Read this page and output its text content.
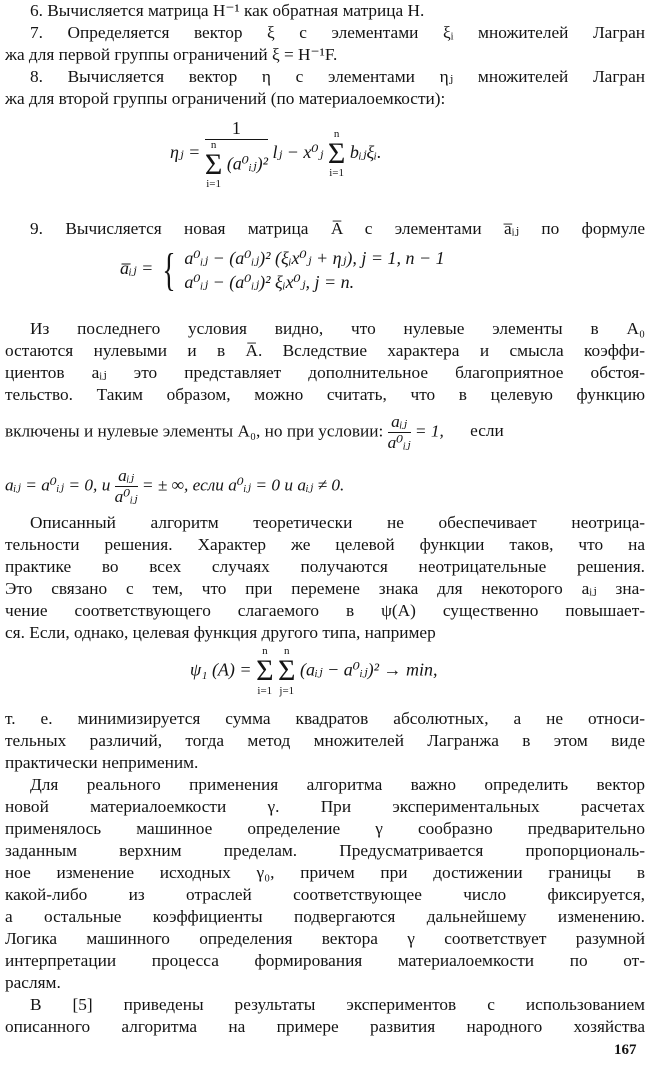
6. Вычисляется матрица H⁻¹ как обратная матрица H.
7. Определяется вектор ξ с элементами ξᵢ множителей Лагран
жа для первой группы ограничений ξ = H⁻¹F.
8. Вычисляется вектор η с элементами ηⱼ множителей Лагран
жа для второй группы ограничений (по материалоемкости):
ηⱼ = 1
n
Σ
i=1
(a⁰ᵢⱼ)² lⱼ − x⁰ⱼ
n
Σ
i=1
bᵢⱼξᵢ.
9. Вычисляется новая матрица A̅ с элементами a̅ᵢⱼ по формуле
a̅ᵢⱼ = { a⁰ᵢⱼ − (a⁰ᵢⱼ)² (ξᵢx⁰ⱼ + ηⱼ), j = 1, n − 1
a⁰ᵢⱼ − (a⁰ᵢⱼ)² ξᵢx⁰ⱼ, j = n.
Из последнего условия видно, что нулевые элементы в A₀
остаются нулевыми и в A̅. Вследствие характера и смысла коэффи-
циентов aᵢⱼ это представляет дополнительное благоприятное обстоя-
тельство. Таким образом, можно считать, что в целевую функцию
включены и нулевые элементы A₀, но при условии: $\frac{\text{aᵢⱼ}}{\text{a⁰ᵢⱼ}} = 1$, если
aᵢⱼ = a⁰ᵢⱼ = 0, и $\frac{\text{aᵢⱼ}}{\text{a⁰ᵢⱼ}}$ = ± ∞, если a⁰ᵢⱼ = 0 и aᵢⱼ ≠ 0.
Описанный алгоритм теоретически не обеспечивает неотрица-
тельности решения. Характер же целевой функции таков, что на
практике во всех случаях получаются неотрицательные решения.
Это связано с тем, что при перемене знака для некоторого aᵢⱼ зна-
чение соответствующего слагаемого в ψ(A) существенно повышает-
ся. Если, однако, целевая функция другого типа, например
ψ₁ (A) =
n
Σ
i=1

n
Σ
j=1
(aᵢⱼ − a⁰ᵢⱼ)² → min,
т. е. минимизируется сумма квадратов абсолютных, а не относи-
тельных различий, тогда метод множителей Лагранжа в этом виде
практически неприменим.
Для реального применения алгоритма важно определить вектор
новой материалоемкости γ. При экспериментальных расчетах
применялось машинное определение γ сообразно предварительно
заданным верхним пределам. Предусматривается пропорциональ-
ное изменение исходных γ₀, причем при достижении границы в
какой-либо из отраслей соответствующее число фиксируется,
а остальные коэффициенты подвергаются дальнейшему изменению.
Логика машинного определения вектора γ соответствует разумной
интерпретации процесса формирования материалоемкости по от-
раслям.
В [5] приведены результаты экспериментов с использованием
описанного алгоритма на примере развития народного хозяйства
167
